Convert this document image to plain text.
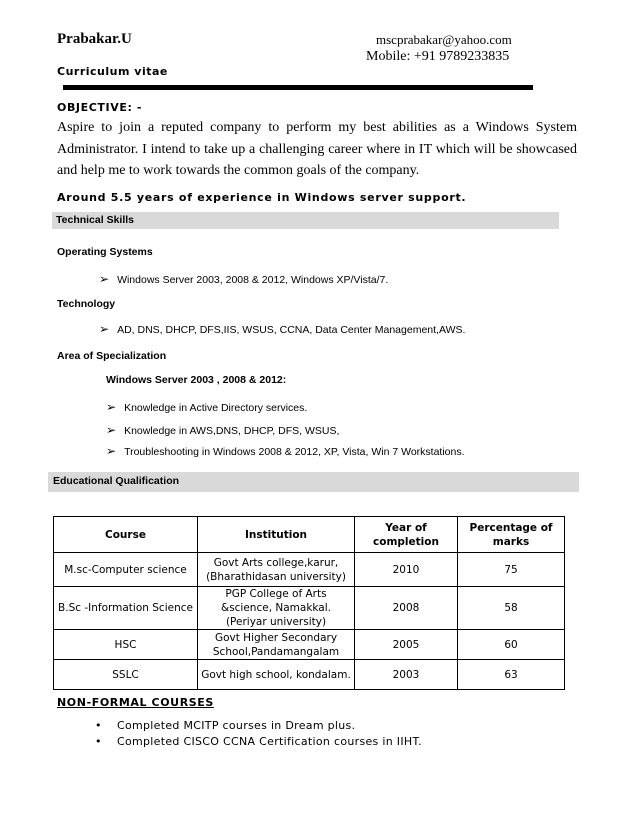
Prabakar.U	mscprabakar@yahoo.com
Mobile: +91 9789233835
Curriculum vitae
OBJECTIVE: -
Aspire to join a reputed company to perform my best abilities as a Windows System Administrator. I intend to take up a challenging career where in IT which will be showcased and help me to work towards the common goals of the company.
Around 5.5 years of experience in Windows server support.
Technical Skills
Operating Systems
➢ Windows Server 2003, 2008 & 2012, Windows XP/Vista/7.
Technology
➢ AD, DNS, DHCP, DFS,IIS, WSUS, CCNA, Data Center Management,AWS.
Area of Specialization
Windows Server 2003 , 2008 & 2012:
➢ Knowledge in Active Directory services.
➢ Knowledge in AWS,DNS, DHCP, DFS, WSUS,
➢ Troubleshooting in Windows 2008 & 2012, XP, Vista, Win 7 Workstations.
Educational Qualification
Course	Institution	Year of completion	Percentage of marks
M.sc-Computer science	Govt Arts college,karur, (Bharathidasan university)	2010	75
B.Sc -Information Science	PGP College of Arts &science, Namakkal. (Periyar university)	2008	58
HSC	Govt Higher Secondary School,Pandamangalam	2005	60
SSLC	Govt high school, kondalam.	2003	63
NON-FORMAL COURSES
• Completed MCITP courses in Dream plus.
• Completed CISCO CCNA Certification courses in IIHT.
